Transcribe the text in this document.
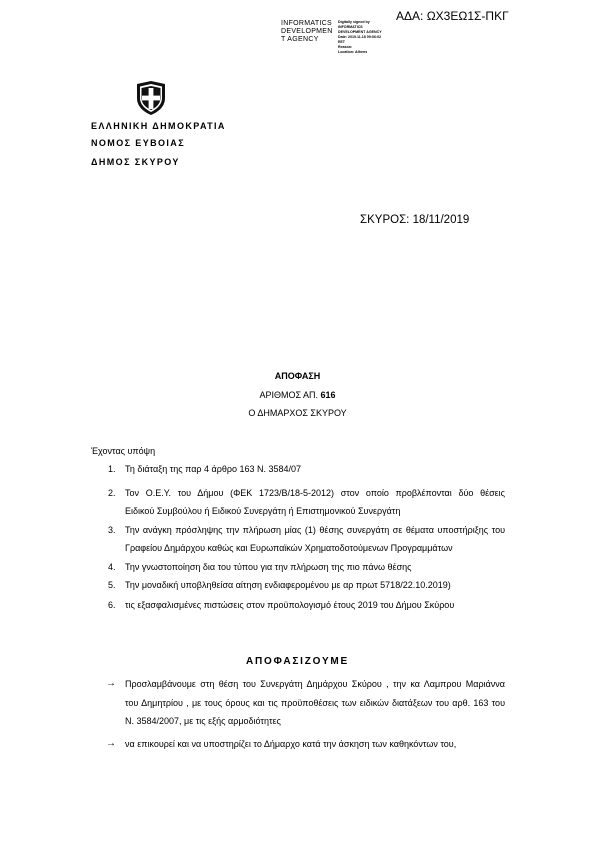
ΑΔΑ: ΩΧ3ΕΩ1Σ-ΠΚΓ
INFORMATICS
DEVELOPMEN
T AGENCY
Digitally signed by
INFORMATICS
DEVELOPMENT AGENCY
Date: 2019.11.18 09:06:02
EET
Reason:
Location: Athens
ΕΛΛΗΝΙΚΗ ΔΗΜΟΚΡΑΤΙΑ
ΝΟΜΟΣ ΕΥΒΟΙΑΣ
ΔΗΜΟΣ ΣΚΥΡΟΥ
ΣΚΥΡΟΣ: 18/11/2019
ΑΠΟΦΑΣΗ
ΑΡΙΘΜΟΣ ΑΠ. 616
Ο ΔΗΜΑΡΧΟΣ ΣΚΥΡΟΥ
Έχοντας υπόψη
1. Τη διάταξη της παρ 4 άρθρο 163 Ν. 3584/07
2. Τον Ο.Ε.Υ. του Δήμου (ΦΕΚ 1723/Β/18-5-2012) στον οποίο προβλέπονται δύο θέσεις
Ειδικού Συμβούλου ή Ειδικού Συνεργάτη ή Επιστημονικού Συνεργάτη
3. Την ανάγκη πρόσληψης την πλήρωση μίας (1) θέσης συνεργάτη σε θέματα υποστήριξης του
Γραφείου Δημάρχου καθώς και Ευρωπαϊκών Χρηματοδοτούμενων Προγραμμάτων
4. Την γνωστοποίηση δια του τύπου για την πλήρωση της πιο πάνω θέσης
5. Την μοναδική υποβληθείσα αίτηση ενδιαφερομένου με αρ πρωτ 5718/22.10.2019)
6. τις εξασφαλισμένες πιστώσεις στον προϋπολογισμό έτους 2019 του Δήμου Σκύρου
ΑΠΟΦΑΣΙΖΟΥΜΕ
→ Προσλαμβάνουμε στη θέση του Συνεργάτη Δημάρχου Σκύρου , την κα Λαμπρου Μαριάννα
του Δημητρίου , με τους όρους και τις προϋποθέσεις των ειδικών διατάξεων του αρθ. 163 του
Ν. 3584/2007, με τις εξής αρμοδιότητες
→ να επικουρεί και να υποστηρίζει το Δήμαρχο κατά την άσκηση των καθηκόντων του,
